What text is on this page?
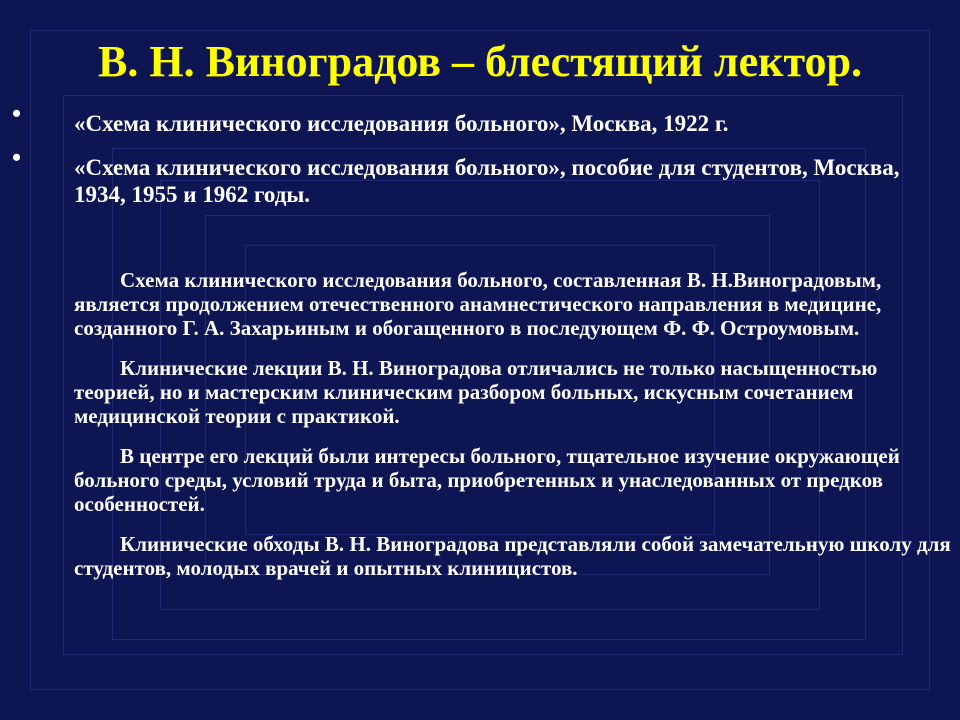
В. Н. Виноградов – блестящий лектор.
• «Схема клинического исследования больного», Москва, 1922 г.
• «Схема клинического исследования больного», пособие для студентов, Москва, 1934, 1955 и 1962 годы.

Схема клинического исследования больного, составленная В. Н.Виноградовым, является продолжением отечественного анамнестического направления в медицине, созданного Г. А. Захарьиным и обогащенного в последующем Ф. Ф. Остроумовым.

Клинические лекции В. Н. Виноградова отличались не только насыщенностью теорией, но и мастерским клиническим разбором больных, искусным сочетанием медицинской теории с практикой.

В центре его лекций были интересы больного, тщательное изучение окружающей больного среды, условий труда и быта, приобретенных и унаследованных от предков особенностей.

Клинические обходы В. Н. Виноградова представляли собой замечательную школу для студентов, молодых врачей и опытных клиницистов.
